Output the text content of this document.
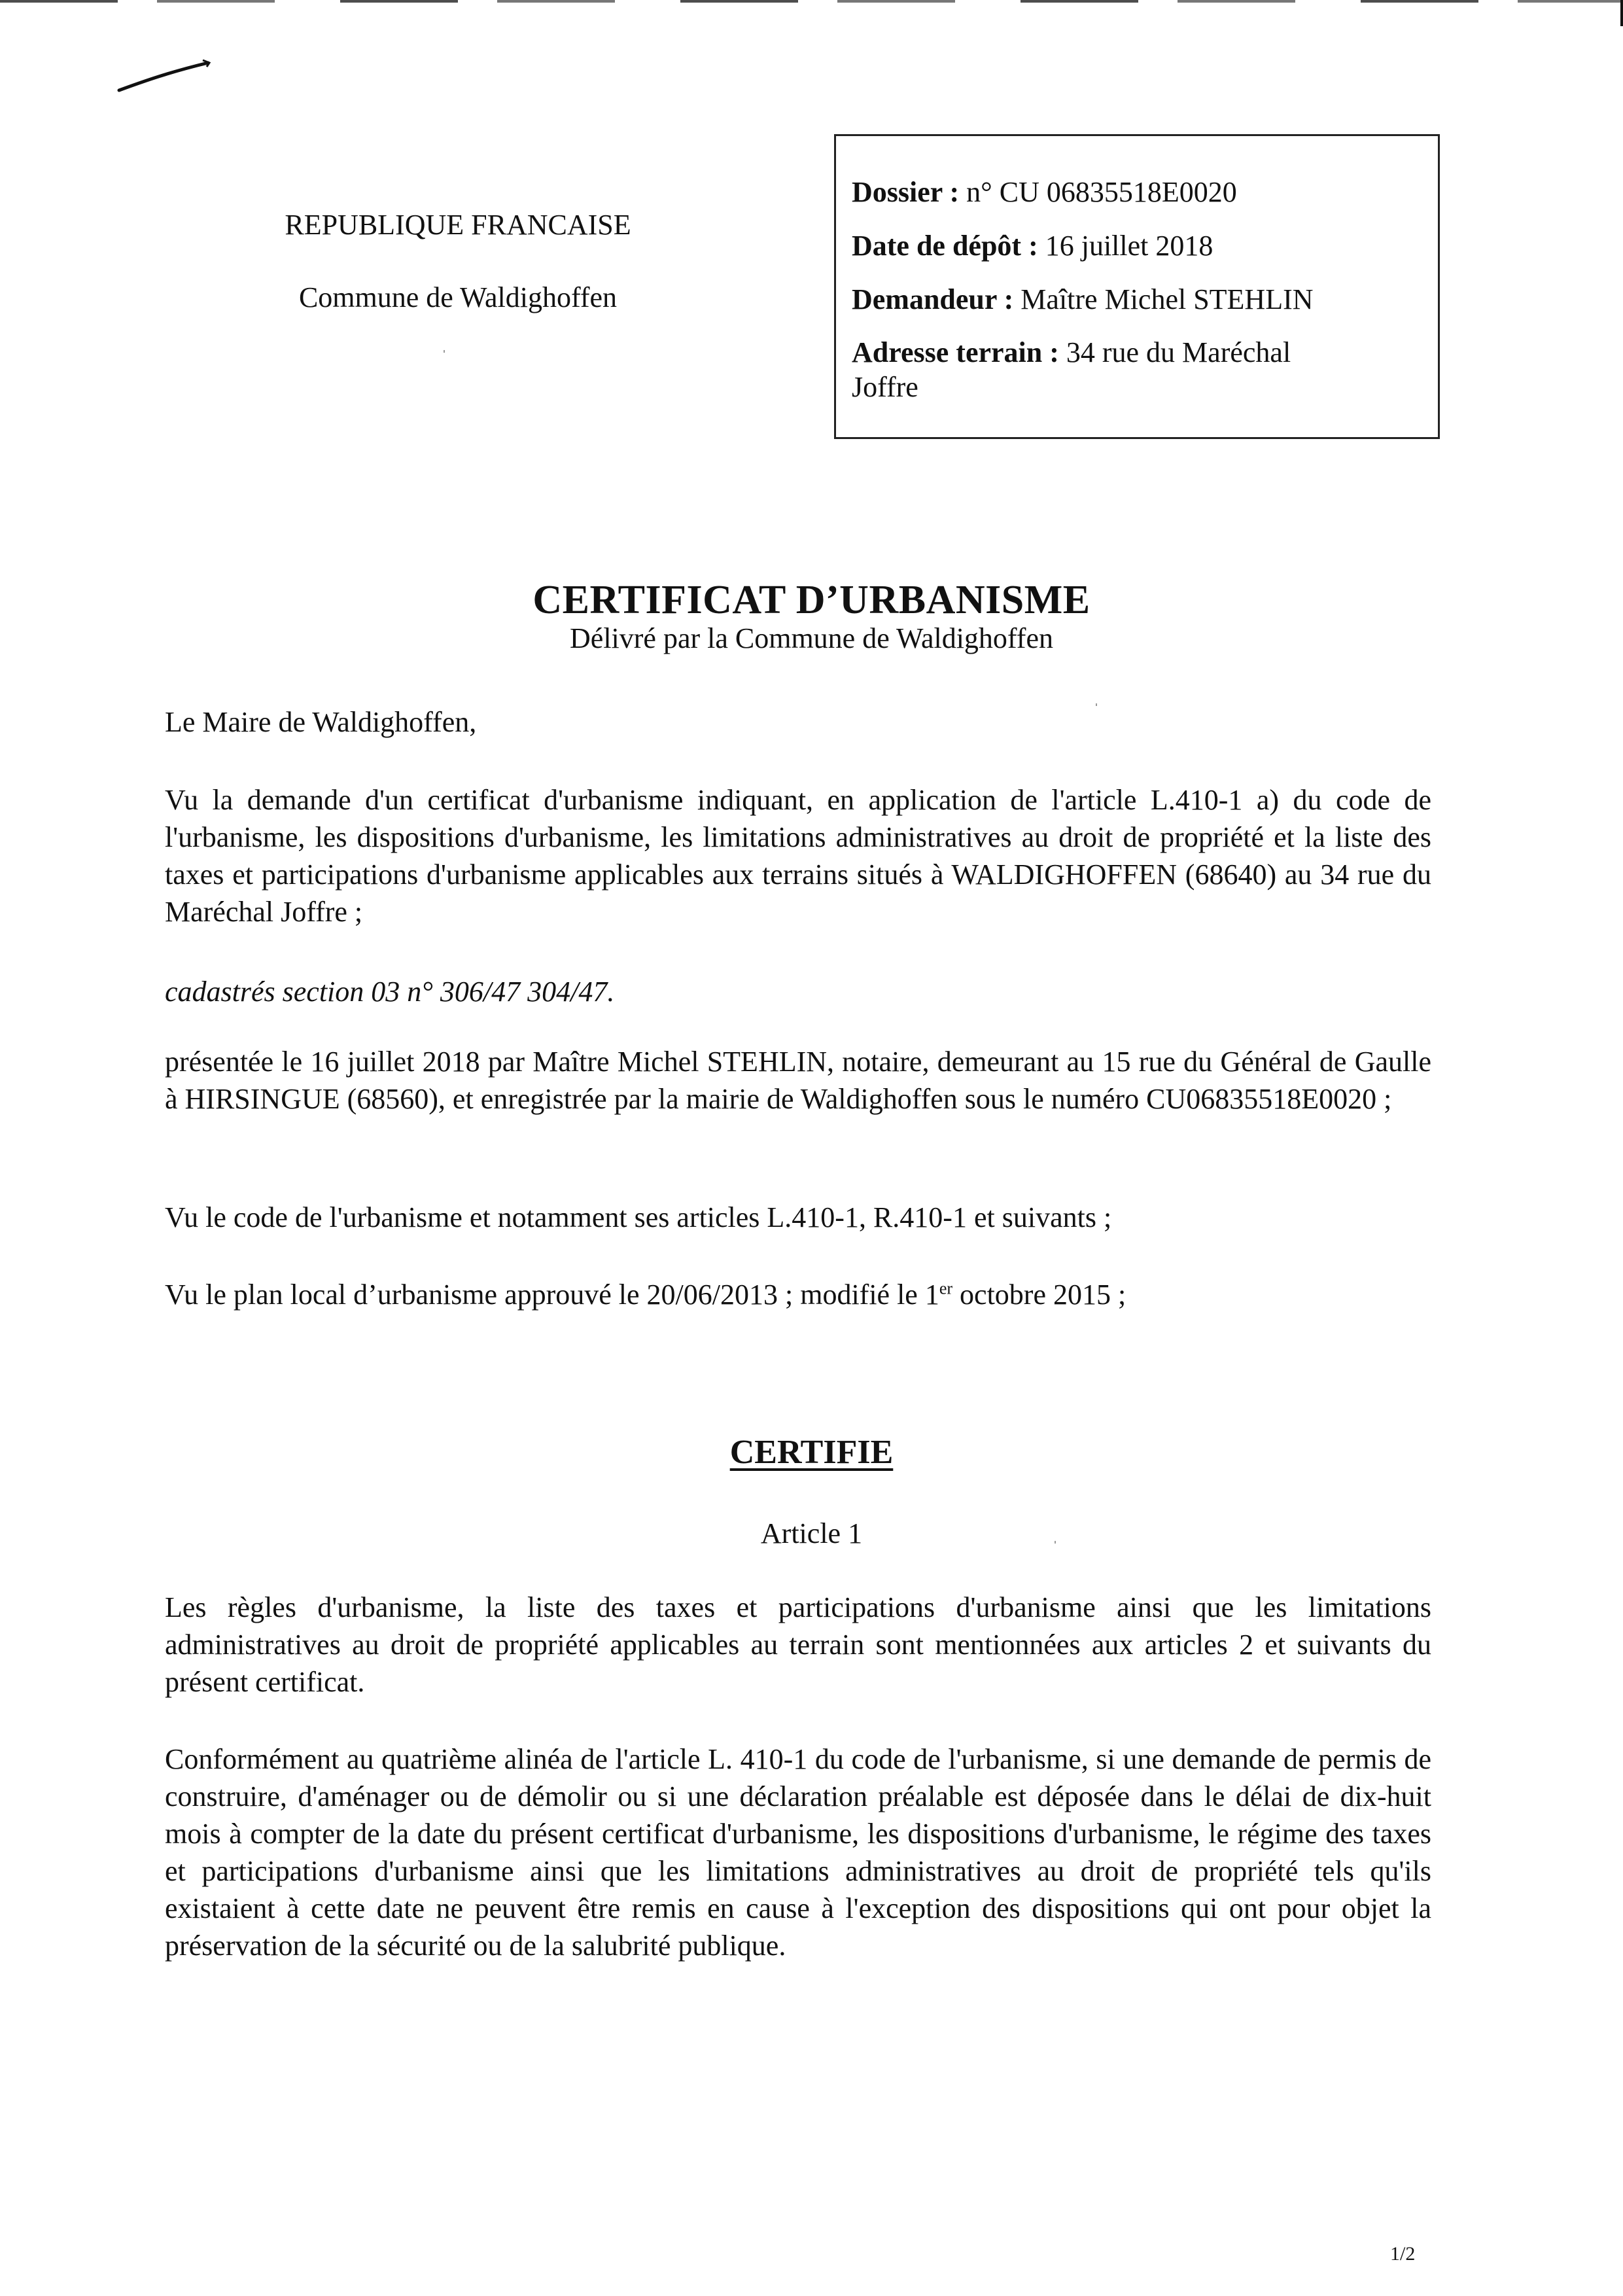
REPUBLIQUE FRANCAISE
Commune de Waldighoffen
Dossier : n° CU 06835518E0020
Date de dépôt : 16 juillet 2018
Demandeur : Maître Michel STEHLIN
Adresse terrain : 34 rue du Maréchal
Joffre
CERTIFICAT D’URBANISME
Délivré par la Commune de Waldighoffen
Le Maire de Waldighoffen,
Vu la demande d'un certificat d'urbanisme indiquant, en application de l'article L.410-1 a) du code de l'urbanisme, les dispositions d'urbanisme, les limitations administratives au droit de propriété et la liste des taxes et participations d'urbanisme applicables aux terrains situés à WALDIGHOFFEN (68640) au 34 rue du Maréchal Joffre ;
cadastrés section 03 n° 306/47 304/47.
présentée le 16 juillet 2018 par Maître Michel STEHLIN, notaire, demeurant au 15 rue du Général de Gaulle à HIRSINGUE (68560), et enregistrée par la mairie de Waldighoffen sous le numéro CU06835518E0020 ;
Vu le code de l'urbanisme et notamment ses articles L.410-1, R.410-1 et suivants ;
Vu le plan local d’urbanisme approuvé le 20/06/2013 ; modifié le 1er octobre 2015 ;
CERTIFIE
Article 1
Les règles d'urbanisme, la liste des taxes et participations d'urbanisme ainsi que les limitations administratives au droit de propriété applicables au terrain sont mentionnées aux articles 2 et suivants du présent certificat.
Conformément au quatrième alinéa de l'article L. 410-1 du code de l'urbanisme, si une demande de permis de construire, d'aménager ou de démolir ou si une déclaration préalable est déposée dans le délai de dix-huit mois à compter de la date du présent certificat d'urbanisme, les dispositions d'urbanisme, le régime des taxes et participations d'urbanisme ainsi que les limitations administratives au droit de propriété tels qu'ils existaient à cette date ne peuvent être remis en cause à l'exception des dispositions qui ont pour objet la préservation de la sécurité ou de la salubrité publique.
1/2
